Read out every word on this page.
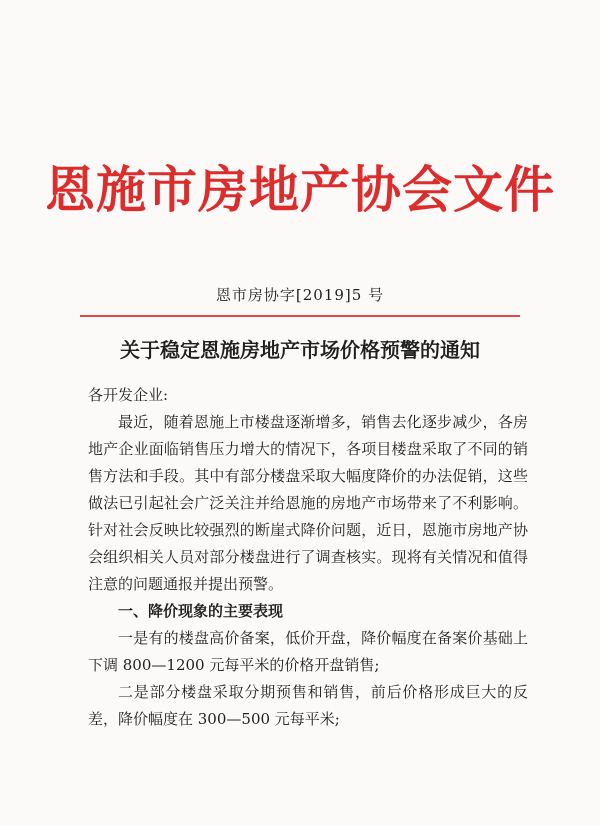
恩施市房地产协会文件
恩市房协字[2019]5 号
关于稳定恩施房地产市场价格预警的通知

各开发企业:

最近，随着恩施上市楼盘逐渐增多，销售去化逐步减少，各房地产企业面临销售压力增大的情况下，各项目楼盘采取了不同的销售方法和手段。其中有部分楼盘采取大幅度降价的办法促销，这些做法已引起社会广泛关注并给恩施的房地产市场带来了不利影响。针对社会反映比较强烈的断崖式降价问题，近日，恩施市房地产协会组织相关人员对部分楼盘进行了调查核实。现将有关情况和值得注意的问题通报并提出预警。

一、降价现象的主要表现

一是有的楼盘高价备案，低价开盘，降价幅度在备案价基础上下调 800—1200 元每平米的价格开盘销售;

二是部分楼盘采取分期预售和销售，前后价格形成巨大的反差，降价幅度在 300—500 元每平米;
